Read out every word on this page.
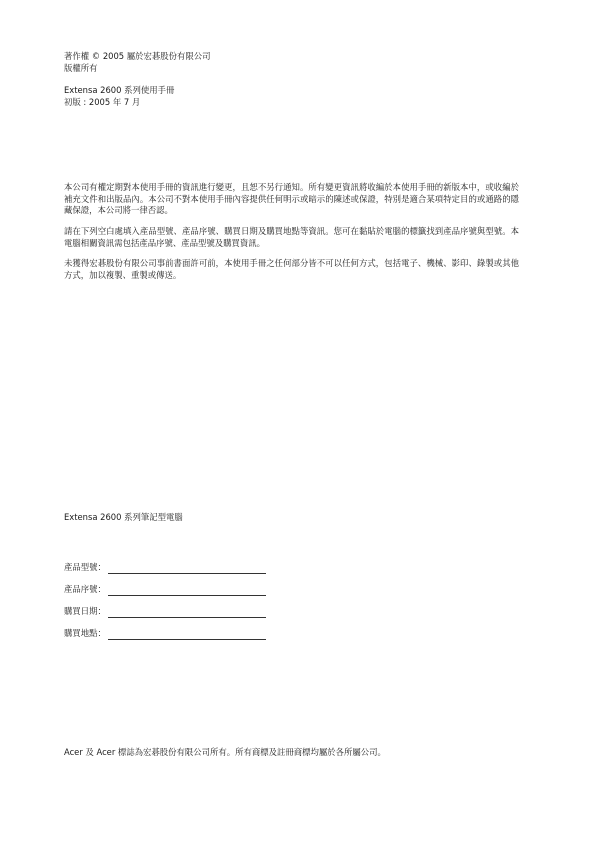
著作權 © 2005 屬於宏碁股份有限公司
版權所有
Extensa 2600 系列使用手冊
初版 : 2005 年 7 月
本公司有權定期對本使用手冊的資訊進行變更，且恕不另行通知。所有變更資訊將收編於本使用手冊的新版本中，或收編於補充文件和出版品內。本公司不對本使用手冊內容提供任何明示或暗示的陳述或保證，特別是適合某項特定目的或通路的隱藏保證，本公司將一律否認。
請在下列空白處填入產品型號、產品序號、購買日期及購買地點等資訊。您可在黏貼於電腦的標籤找到產品序號與型號。本電腦相關資訊需包括產品序號、產品型號及購買資訊。
未獲得宏碁股份有限公司事前書面許可前，本使用手冊之任何部分皆不可以任何方式，包括電子、機械、影印、錄製或其他方式，加以複製、重製或傳送。
Extensa 2600 系列筆記型電腦
產品型號：
產品序號：
購買日期：
購買地點：
Acer 及 Acer 標誌為宏碁股份有限公司所有。所有商標及註冊商標均屬於各所屬公司。
